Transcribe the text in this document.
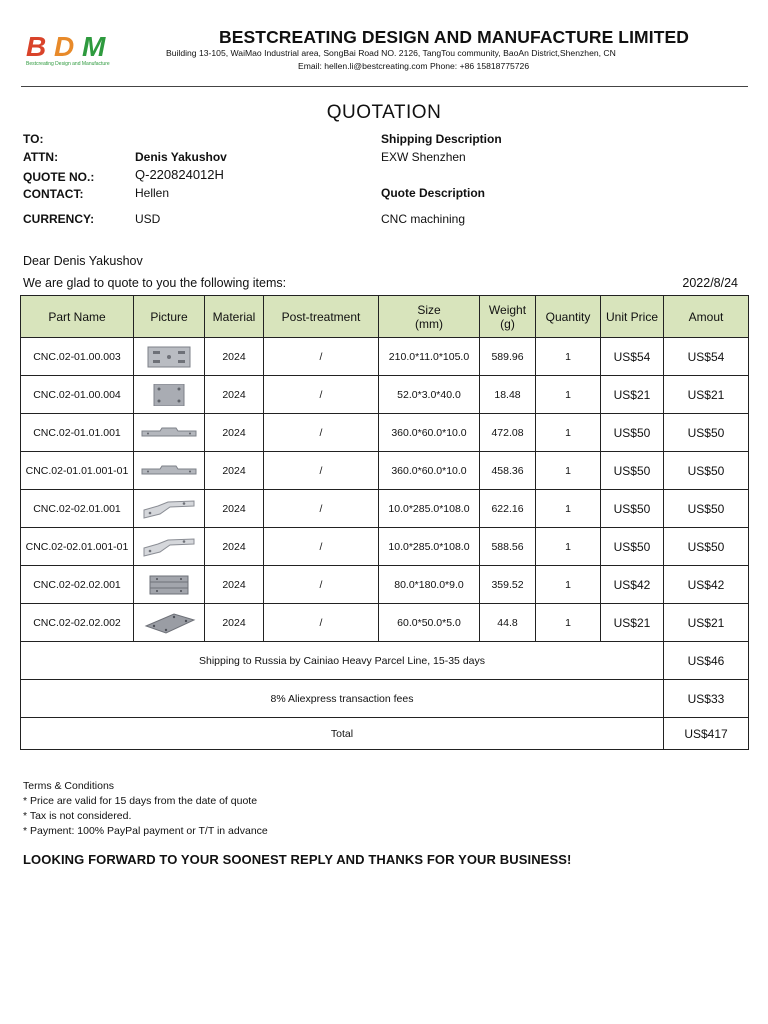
B D M
Bestcreating Design and Manufacture
BESTCREATING DESIGN AND MANUFACTURE LIMITED
Building 13-105, WaiMao Industrial area, SongBai Road NO. 2126, TangTou community, BaoAn District,Shenzhen, CN
Email: hellen.li@bestcreating.com Phone: +86 15818775726
QUOTATION
TO:
ATTN:	Denis Yakushov
QUOTE NO.:	Q-220824012H
CONTACT:	Hellen
CURRENCY:	USD
Shipping Description
EXW Shenzhen
Quote Description
CNC machining
Dear Denis Yakushov
We are glad to quote to you the following items:	2022/8/24
Part Name	Picture	Material	Post-treatment	Size
(mm)	Weight
(g)	Quantity	Unit Price	Amout
CNC.02-01.00.003		2024	/	210.0*11.0*105.0	589.96	1	US$54	US$54
CNC.02-01.00.004		2024	/	52.0*3.0*40.0	18.48	1	US$21	US$21
CNC.02-01.01.001		2024	/	360.0*60.0*10.0	472.08	1	US$50	US$50
CNC.02-01.01.001-01		2024	/	360.0*60.0*10.0	458.36	1	US$50	US$50
CNC.02-02.01.001		2024	/	10.0*285.0*108.0	622.16	1	US$50	US$50
CNC.02-02.01.001-01		2024	/	10.0*285.0*108.0	588.56	1	US$50	US$50
CNC.02-02.02.001		2024	/	80.0*180.0*9.0	359.52	1	US$42	US$42
CNC.02-02.02.002		2024	/	60.0*50.0*5.0	44.8	1	US$21	US$21
Shipping to Russia by Cainiao Heavy Parcel Line, 15-35 days								US$46
8% Aliexpress transaction fees								US$33
Total								US$417
Terms & Conditions
* Price are valid for 15 days from the date of quote
* Tax is not considered.
* Payment: 100% PayPal payment or T/T in advance
LOOKING FORWARD TO YOUR SOONEST REPLY AND THANKS FOR YOUR BUSINESS!
